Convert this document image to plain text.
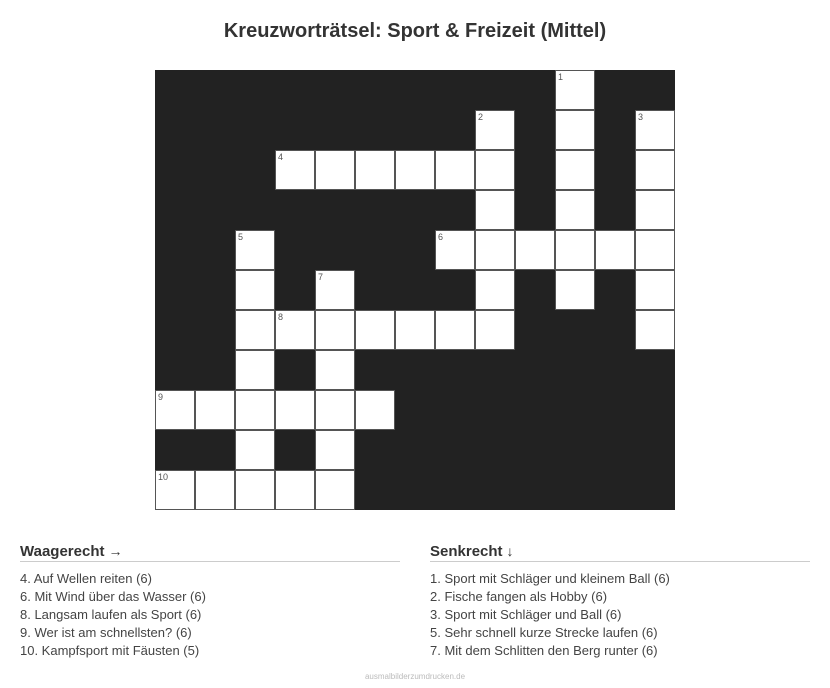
Kreuzworträtsel: Sport & Freizeit (Mittel)
1
2	3
4
5	6
7
8
9
10
Waagerecht →
4. Auf Wellen reiten (6)
6. Mit Wind über das Wasser (6)
8. Langsam laufen als Sport (6)
9. Wer ist am schnellsten? (6)
10. Kampfsport mit Fäusten (5)
Senkrecht ↓
1. Sport mit Schläger und kleinem Ball (6)
2. Fische fangen als Hobby (6)
3. Sport mit Schläger und Ball (6)
5. Sehr schnell kurze Strecke laufen (6)
7. Mit dem Schlitten den Berg runter (6)
ausmalbilderzumdrucken.de
